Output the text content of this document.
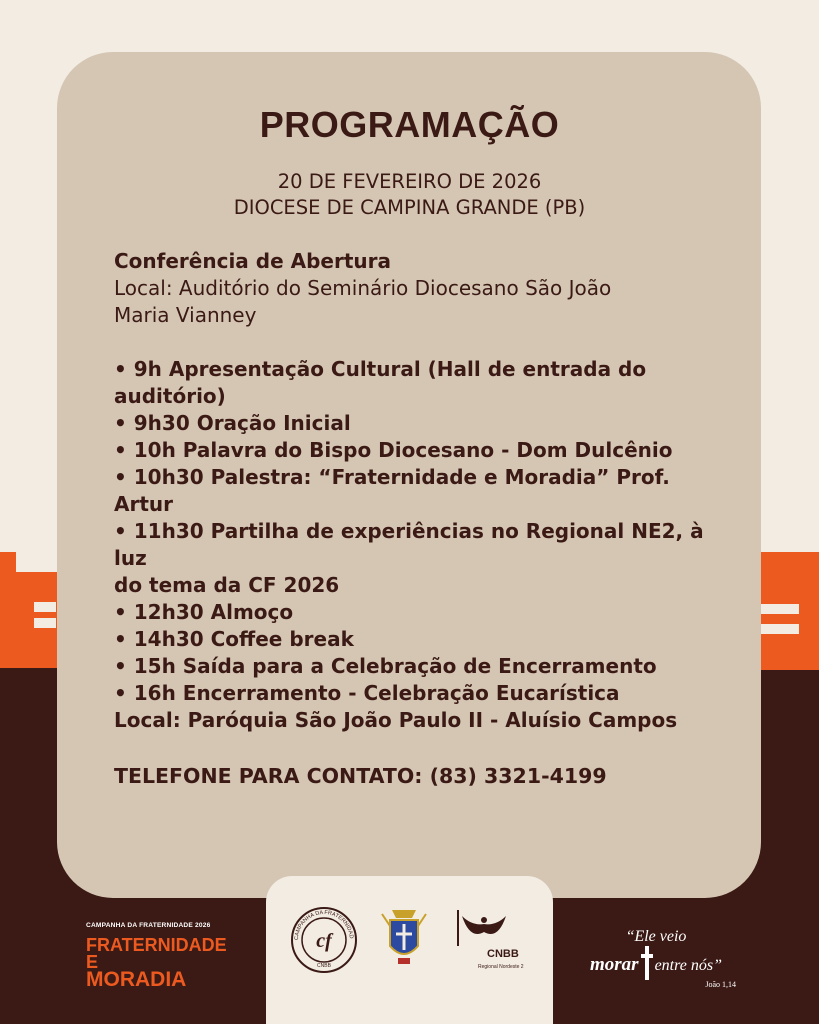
PROGRAMAÇÃO
20 DE FEVEREIRO DE 2026
DIOCESE DE CAMPINA GRANDE (PB)
Conferência de Abertura
Local: Auditório do Seminário Diocesano São João
Maria Vianney
• 9h Apresentação Cultural (Hall de entrada do
auditório)
• 9h30 Oração Inicial
• 10h Palavra do Bispo Diocesano - Dom Dulcênio
• 10h30 Palestra: “Fraternidade e Moradia” Prof. Artur
• 11h30 Partilha de experiências no Regional NE2, à luz
do tema da CF 2026
• 12h30 Almoço
• 14h30 Coffee break
• 15h Saída para a Celebração de Encerramento
• 16h Encerramento - Celebração Eucarística
Local: Paróquia São João Paulo II - Aluísio Campos
TELEFONE PARA CONTATO: (83) 3321-4199
CAMPANHA DA FRATERNIDADE 2026
FRATERNIDADE E
MORADIA
CAMPANHA DA FRATERNIDAD
cf
CNBB
CNBB
Regional Nordeste 2
“Ele veio
morar entre nós”
João 1,14
